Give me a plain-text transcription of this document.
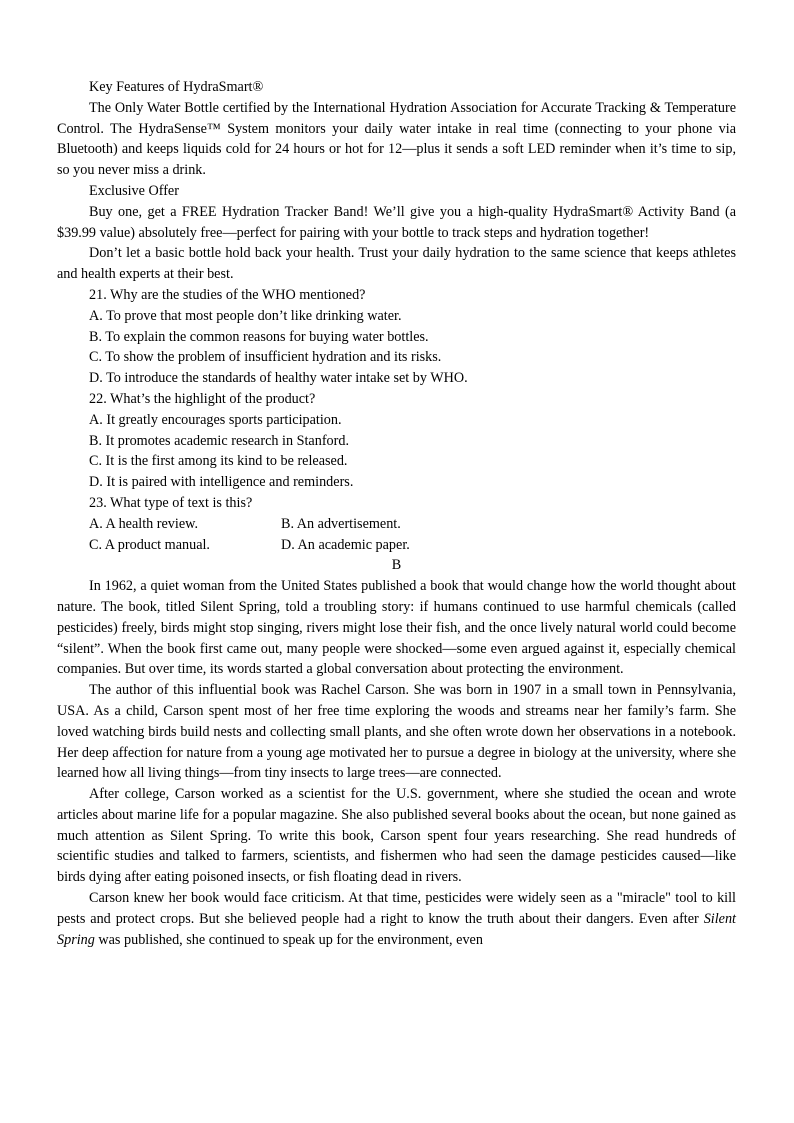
Key Features of HydraSmart®

The Only Water Bottle certified by the International Hydration Association for Accurate Tracking & Temperature Control. The HydraSense™ System monitors your daily water intake in real time (connecting to your phone via Bluetooth) and keeps liquids cold for 24 hours or hot for 12—plus it sends a soft LED reminder when it’s time to sip, so you never miss a drink.

Exclusive Offer

Buy one, get a FREE Hydration Tracker Band! We’ll give you a high-quality HydraSmart® Activity Band (a $39.99 value) absolutely free—perfect for pairing with your bottle to track steps and hydration together!

Don’t let a basic bottle hold back your health. Trust your daily hydration to the same science that keeps athletes and health experts at their best.

21. Why are the studies of the WHO mentioned?

A. To prove that most people don’t like drinking water.

B. To explain the common reasons for buying water bottles.

C. To show the problem of insufficient hydration and its risks.

D. To introduce the standards of healthy water intake set by WHO.

22. What’s the highlight of the product?

A. It greatly encourages sports participation.

B. It promotes academic research in Stanford.

C. It is the first among its kind to be released.

D. It is paired with intelligence and reminders.

23. What type of text is this?

A. A health review.	B. An advertisement.
C. A product manual.	D. An academic paper.

B

In 1962, a quiet woman from the United States published a book that would change how the world thought about nature. The book, titled Silent Spring, told a troubling story: if humans continued to use harmful chemicals (called pesticides) freely, birds might stop singing, rivers might lose their fish, and the once lively natural world could become “silent”. When the book first came out, many people were shocked—some even argued against it, especially chemical companies. But over time, its words started a global conversation about protecting the environment.

The author of this influential book was Rachel Carson. She was born in 1907 in a small town in Pennsylvania, USA. As a child, Carson spent most of her free time exploring the woods and streams near her family’s farm. She loved watching birds build nests and collecting small plants, and she often wrote down her observations in a notebook. Her deep affection for nature from a young age motivated her to pursue a degree in biology at the university, where she learned how all living things—from tiny insects to large trees—are connected.

After college, Carson worked as a scientist for the U.S. government, where she studied the ocean and wrote articles about marine life for a popular magazine. She also published several books about the ocean, but none gained as much attention as Silent Spring. To write this book, Carson spent four years researching. She read hundreds of scientific studies and talked to farmers, scientists, and fishermen who had seen the damage pesticides caused—like birds dying after eating poisoned insects, or fish floating dead in rivers.

Carson knew her book would face criticism. At that time, pesticides were widely seen as a "miracle" tool to kill pests and protect crops. But she believed people had a right to know the truth about their dangers. Even after Silent Spring was published, she continued to speak up for the environment, even
